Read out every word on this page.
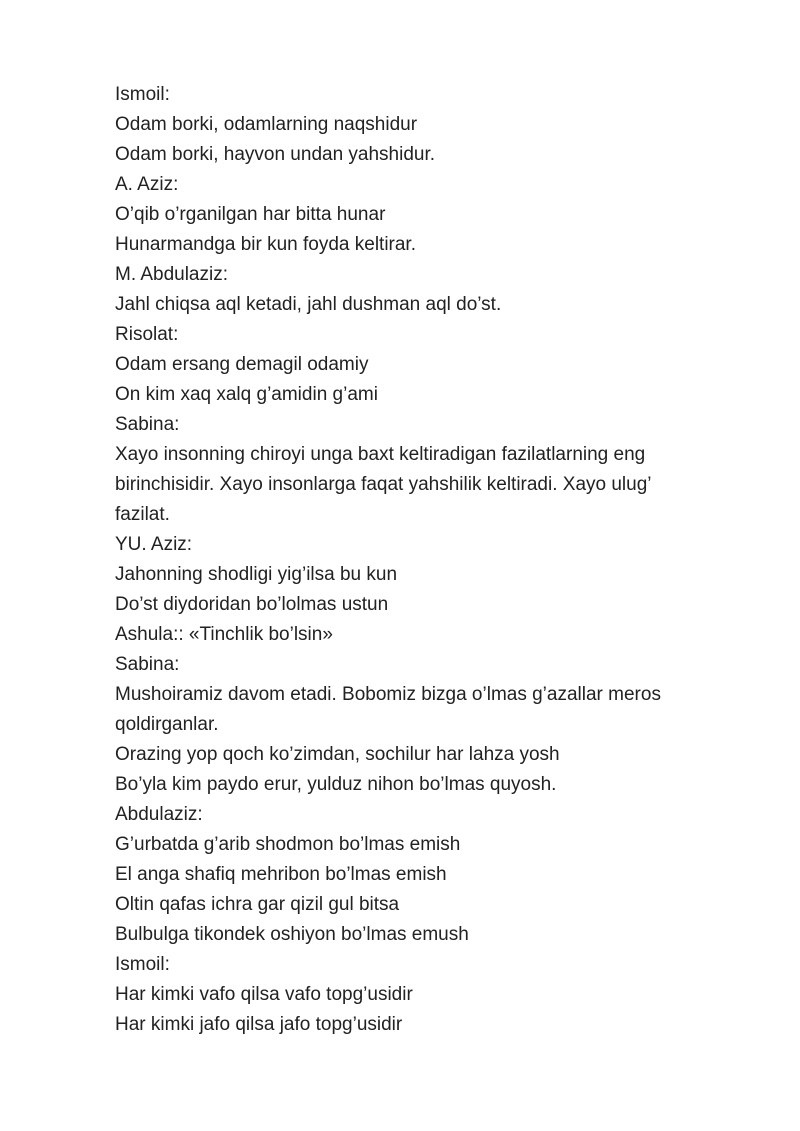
Ismoil:
Odam borki, odamlarning naqshidur
Odam borki, hayvon undan yahshidur.
A. Aziz:
O’qib o’rganilgan har bitta hunar
Hunarmandga bir kun foyda keltirar.
M. Abdulaziz:
Jahl chiqsa aql ketadi, jahl dushman aql do’st.
Risolat:
Odam ersang demagil odamiy
On kim xaq xalq g’amidin g’ami
Sabina:
Xayo insonning chiroyi unga baxt keltiradigan fazilatlarning eng birinchisidir. Xayo insonlarga faqat yahshilik keltiradi. Xayo ulug’ fazilat.
YU. Aziz:
Jahonning shodligi yig’ilsa bu kun
Do’st diydoridan bo’lolmas ustun
Ashula:: «Tinchlik bo’lsin»
Sabina:
Mushoiramiz davom etadi. Bobomiz bizga o’lmas g’azallar meros qoldirganlar.
Orazing yop qoch ko’zimdan, sochilur har lahza yosh
Bo’yla kim paydo erur, yulduz nihon bo’lmas quyosh.
Abdulaziz:
G’urbatda g’arib shodmon bo’lmas emish
El anga shafiq mehribon bo’lmas emish
Oltin qafas ichra gar qizil gul bitsa
Bulbulga tikondek oshiyon bo’lmas emush
Ismoil:
Har kimki vafo qilsa vafo topg’usidir
Har kimki jafo qilsa jafo topg’usidir
